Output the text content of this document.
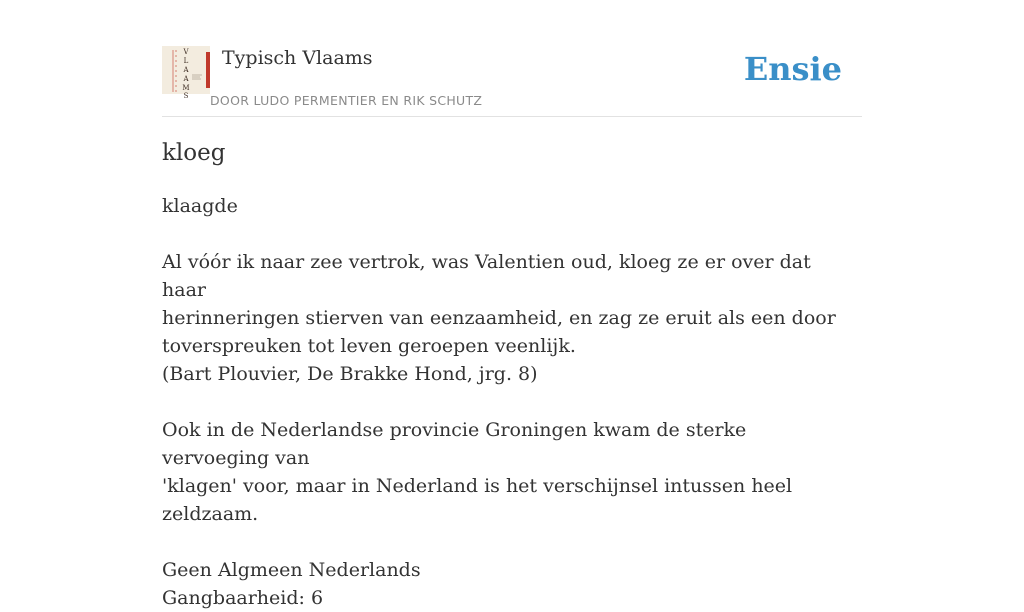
V
L
A
A
M
S
Typisch Vlaams
DOOR LUDO PERMENTIER EN RIK SCHUTZ
Ensie
kloeg

klaagde

Al vóór ik naar zee vertrok, was Valentien oud, kloeg ze er over dat haar

herinneringen stierven van eenzaamheid, en zag ze eruit als een door

toverspreuken tot leven geroepen veenlijk.

(Bart Plouvier, De Brakke Hond, jrg. 8)

Ook in de Nederlandse provincie Groningen kwam de sterke vervoeging van

'klagen' voor, maar in Nederland is het verschijnsel intussen heel zeldzaam.

Geen Algmeen Nederlands

Gangbaarheid: 6
